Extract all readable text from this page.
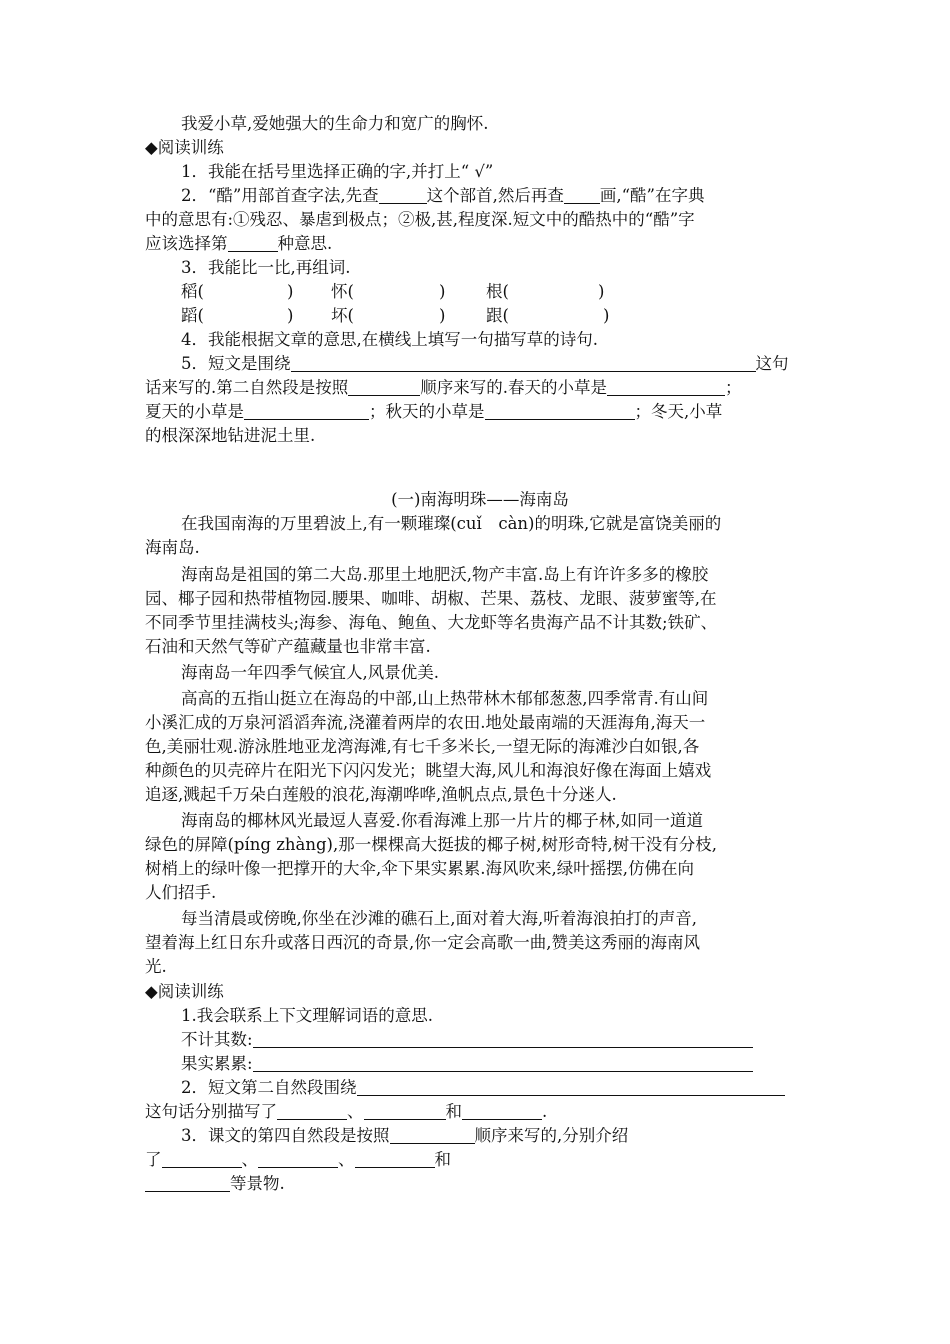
我爱小草,爱她强大的生命力和宽广的胸怀.
◆阅读训练
1．我能在括号里选择正确的字,并打上“ √”
2．“酷”用部首查字法,先查	这个部首,然后再查 画,“酷”在字典
中的意思有:①残忍、暴虐到极点；②极,甚,程度深.短文中的酷热中的“酷”字
应该选择第	种意思.
3．我能比一比,再组词.
稻(	) 怀(	) 根(	)
蹈(	) 坏(	) 跟(	)
4．我能根据文章的意思,在横线上填写一句描写草的诗句.
5．短文是围绕	这句
话来写的.第二自然段是按照	顺序来写的.春天的小草是	；
夏天的小草是	；秋天的小草是	；冬天,小草
的根深深地钻进泥土里.
(一)南海明珠——海南岛
在我国南海的万里碧波上,有一颗璀璨(cuǐ　càn)的明珠,它就是富饶美丽的
海南岛.
海南岛是祖国的第二大岛.那里土地肥沃,物产丰富.岛上有许许多多的橡胶
园、椰子园和热带植物园.腰果、咖啡、胡椒、芒果、荔枝、龙眼、菠萝蜜等,在
不同季节里挂满枝头;海参、海龟、鲍鱼、大龙虾等名贵海产品不计其数;铁矿、
石油和天然气等矿产蕴藏量也非常丰富.
海南岛一年四季气候宜人,风景优美.
高高的五指山挺立在海岛的中部,山上热带林木郁郁葱葱,四季常青.有山间
小溪汇成的万泉河滔滔奔流,浇灌着两岸的农田.地处最南端的天涯海角,海天一
色,美丽壮观.游泳胜地亚龙湾海滩,有七千多米长,一望无际的海滩沙白如银,各
种颜色的贝壳碎片在阳光下闪闪发光；眺望大海,风儿和海浪好像在海面上嬉戏
追逐,溅起千万朵白莲般的浪花,海潮哗哗,渔帆点点,景色十分迷人.
海南岛的椰林风光最逗人喜爱.你看海滩上那一片片的椰子林,如同一道道
绿色的屏障(píng zhàng),那一棵棵高大挺拔的椰子树,树形奇特,树干没有分枝,
树梢上的绿叶像一把撑开的大伞,伞下果实累累.海风吹来,绿叶摇摆,仿佛在向
人们招手.
每当清晨或傍晚,你坐在沙滩的礁石上,面对着大海,听着海浪拍打的声音,
望着海上红日东升或落日西沉的奇景,你一定会高歌一曲,赞美这秀丽的海南风
光.
◆阅读训练
1.我会联系上下文理解词语的意思.
不计其数:
果实累累:
2．短文第二自然段围绕
这句话分别描写了	、	和	.
3．课文的第四自然段是按照	顺序来写的,分别介绍
了	、	、	和
等景物.
